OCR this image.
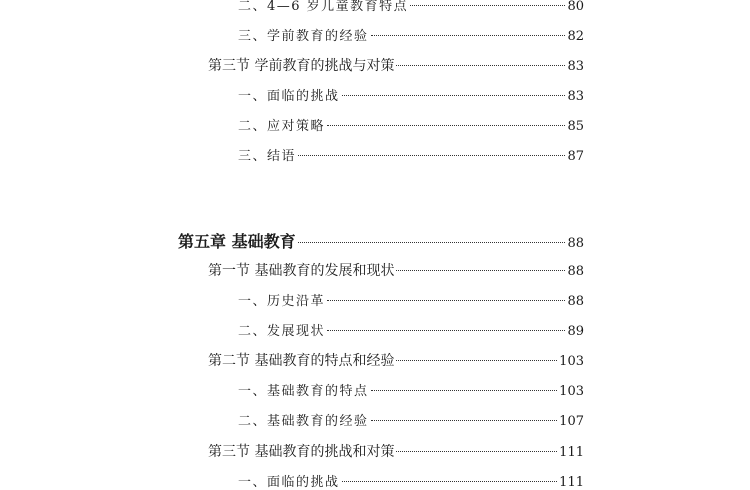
二、4—6 岁儿童教育特点	80
三、学前教育的经验	82
第三节 学前教育的挑战与对策	83
一、面临的挑战	83
二、应对策略	85
三、结语	87
第五章 基础教育	88
第一节 基础教育的发展和现状	88
一、历史沿革	88
二、发展现状	89
第二节 基础教育的特点和经验	103
一、基础教育的特点	103
二、基础教育的经验	107
第三节 基础教育的挑战和对策	111
一、面临的挑战	111
